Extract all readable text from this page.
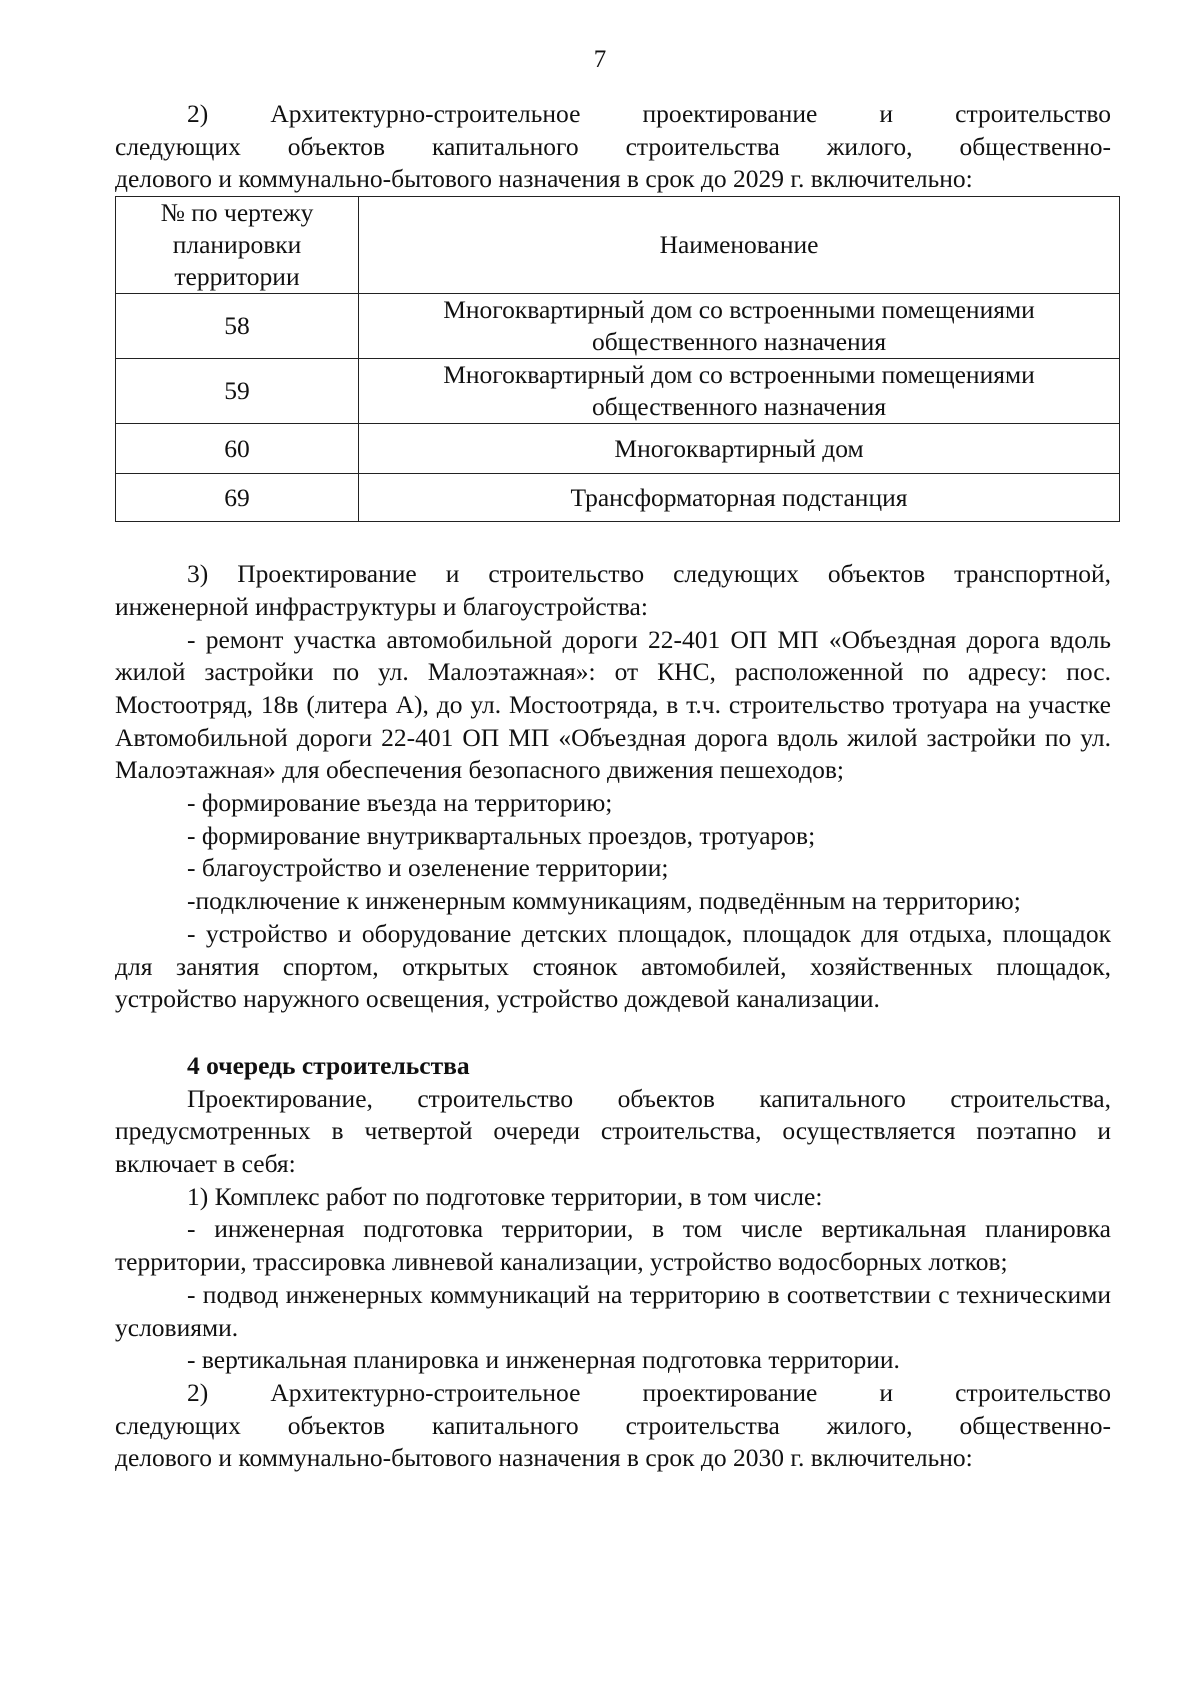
7

2)   Архитектурно-строительное   проектирование   и   строительство

следующих  объектов  капитального  строительства  жилого,  общественно-

делового и коммунально-бытового назначения в срок до 2029 г. включительно:

№ по чертежу
планировки
территории	Наименование
58	Многоквартирный дом со встроенными помещениями
общественного назначения

59	Многоквартирный дом со встроенными помещениями
общественного назначения

60	Многоквартирный дом
69	Трансформаторная подстанция

3) Проектирование и строительство следующих объектов транспортной, инженерной инфраструктуры и благоустройства:

- ремонт участка автомобильной дороги 22-401 ОП МП «Объездная дорога вдоль жилой застройки по ул. Малоэтажная»: от КНС, расположенной по адресу: пос. Мостоотряд, 18в (литера А), до ул. Мостоотряда, в т.ч. строительство тротуара на участке Автомобильной дороги 22-401 ОП МП «Объездная дорога вдоль жилой застройки по ул. Малоэтажная» для обеспечения безопасного движения пешеходов;

- формирование въезда на территорию;

- формирование внутриквартальных проездов, тротуаров;

- благоустройство и озеленение территории;

-подключение к инженерным коммуникациям, подведённым на территорию;

- устройство и оборудование детских площадок, площадок для отдыха, площадок для занятия спортом, открытых стоянок автомобилей, хозяйственных площадок, устройство наружного освещения, устройство дождевой канализации.

4 очередь строительства

Проектирование, строительство объектов капитального строительства, предусмотренных в четвертой очереди строительства, осуществляется поэтапно и включает в себя:

1) Комплекс работ по подготовке территории, в том числе:

- инженерная подготовка территории, в том числе вертикальная планировка территории, трассировка ливневой канализации, устройство водосборных лотков;

- подвод инженерных коммуникаций на территорию в соответствии с техническими условиями.

- вертикальная планировка и инженерная подготовка территории.

2)   Архитектурно-строительное   проектирование   и   строительство

следующих  объектов  капитального  строительства  жилого,  общественно-

делового и коммунально-бытового назначения в срок до 2030 г. включительно:
